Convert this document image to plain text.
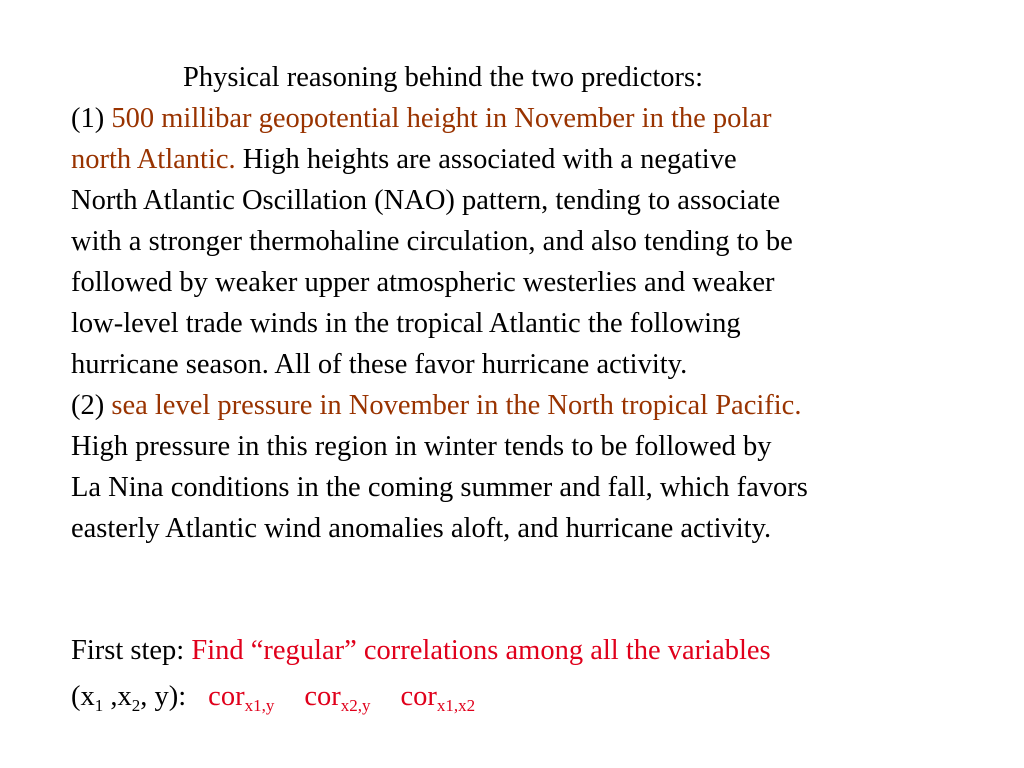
Physical reasoning behind the two predictors:
(1) 500 millibar geopotential height in November in the polar
north Atlantic. High heights are associated with a negative
North Atlantic Oscillation (NAO) pattern, tending to associate
with a stronger thermohaline circulation, and also tending to be
followed by weaker upper atmospheric westerlies and weaker
low-level trade winds in the tropical Atlantic the following
hurricane season. All of these favor hurricane activity.
(2) sea level pressure in November in the North tropical Pacific.
High pressure in this region in winter tends to be followed by
La Nina conditions in the coming summer and fall, which favors
easterly Atlantic wind anomalies aloft, and hurricane activity.
First step: Find “regular” correlations among all the variables
($x_1$ $,x_2$, y): cor$_{x1,y}$ cor$_{x2,y}$ cor$_{x1,x2}$
